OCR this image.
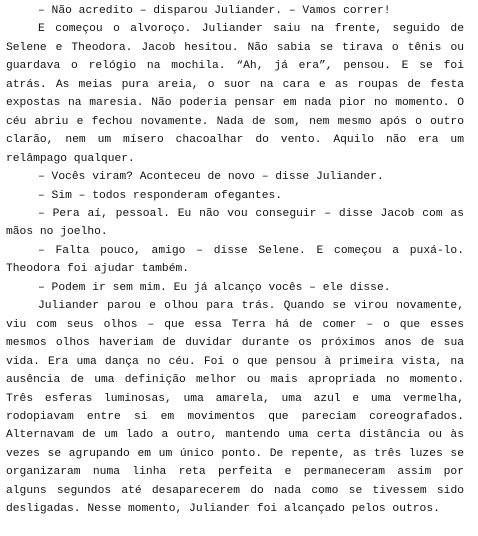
– Não acredito – disparou Juliander. – Vamos correr!

E começou o alvoroço. Juliander saiu na frente, seguido de Selene e Theodora. Jacob hesitou. Não sabia se tirava o tênis ou guardava o relógio na mochila. “Ah, já era”, pensou. E se foi atrás. As meias pura areia, o suor na cara e as roupas de festa expostas na maresia. Não poderia pensar em nada pior no momento. O céu abriu e fechou novamente. Nada de som, nem mesmo após o outro clarão, nem um mísero chacoalhar do vento. Aquilo não era um relâmpago qualquer.

– Vocês viram? Aconteceu de novo – disse Juliander.

– Sim – todos responderam ofegantes.

– Pera aí, pessoal. Eu não vou conseguir – disse Jacob com as mãos no joelho.

– Falta pouco, amigo – disse Selene. E começou a puxá-lo. Theodora foi ajudar também.

– Podem ir sem mim. Eu já alcanço vocês – ele disse.

Juliander parou e olhou para trás. Quando se virou novamente, viu com seus olhos – que essa Terra há de comer – o que esses mesmos olhos haveriam de duvidar durante os próximos anos de sua vida. Era uma dança no céu. Foi o que pensou à primeira vista, na ausência de uma definição melhor ou mais apropriada no momento. Três esferas luminosas, uma amarela, uma azul e uma vermelha, rodopiavam entre si em movimentos que pareciam coreografados. Alternavam de um lado a outro, mantendo uma certa distância ou às vezes se agrupando em um único ponto. De repente, as três luzes se organizaram numa linha reta perfeita e permaneceram assim por alguns segundos até desaparecerem do nada como se tivessem sido desligadas. Nesse momento, Juliander foi alcançado pelos outros.
